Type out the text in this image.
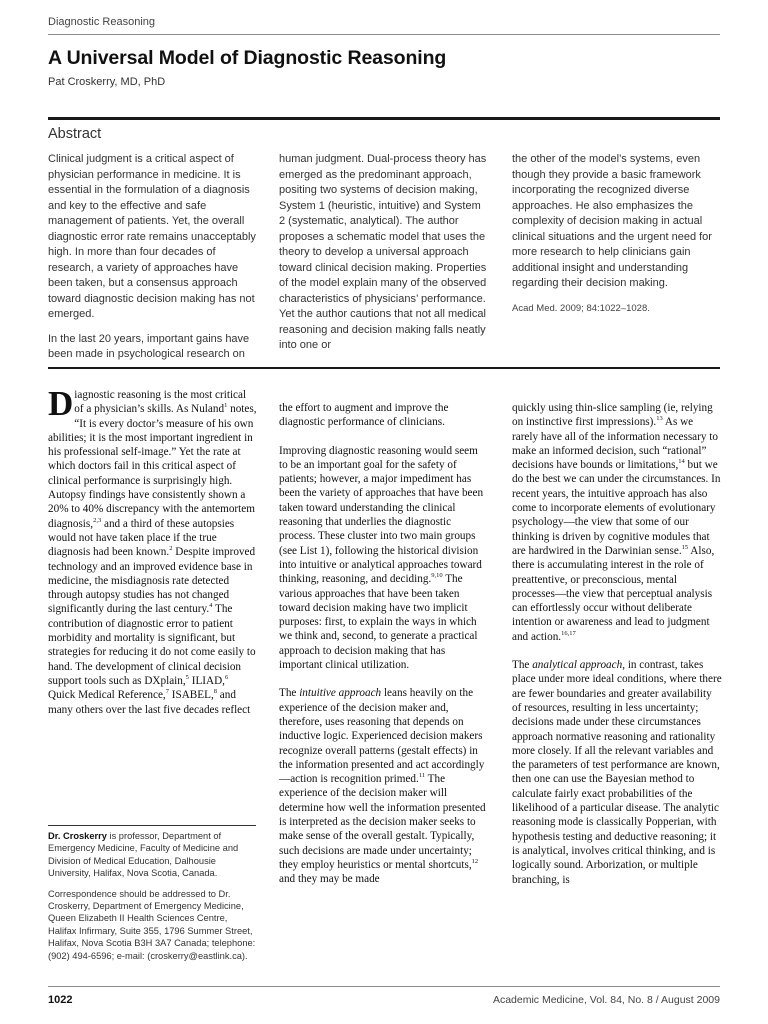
Diagnostic Reasoning
A Universal Model of Diagnostic Reasoning
Pat Croskerry, MD, PhD
Abstract

Clinical judgment is a critical aspect of physician performance in medicine. It is essential in the formulation of a diagnosis and key to the effective and safe management of patients. Yet, the overall diagnostic error rate remains unacceptably high. In more than four decades of research, a variety of approaches have been taken, but a consensus approach toward diagnostic decision making has not emerged.

In the last 20 years, important gains have been made in psychological research on

human judgment. Dual-process theory has emerged as the predominant approach, positing two systems of decision making, System 1 (heuristic, intuitive) and System 2 (systematic, analytical). The author proposes a schematic model that uses the theory to develop a universal approach toward clinical decision making. Properties of the model explain many of the observed characteristics of physicians’ performance. Yet the author cautions that not all medical reasoning and decision making falls neatly into one or

the other of the model’s systems, even though they provide a basic framework incorporating the recognized diverse approaches. He also emphasizes the complexity of decision making in actual clinical situations and the urgent need for more research to help clinicians gain additional insight and understanding regarding their decision making.

Acad Med. 2009; 84:1022–1028.

Diagnostic reasoning is the most critical of a physician’s skills. As Nuland$^1$ notes, “It is every doctor’s measure of his own abilities; it is the most important ingredient in his professional self-image.” Yet the rate at which doctors fail in this critical aspect of clinical performance is surprisingly high. Autopsy findings have consistently shown a 20% to 40% discrepancy with the antemortem diagnosis,$^{2,3}$ and a third of these autopsies would not have taken place if the true diagnosis had been known.$^2$ Despite improved technology and an improved evidence base in medicine, the misdiagnosis rate detected through autopsy studies has not changed significantly during the last century.$^4$ The contribution of diagnostic error to patient morbidity and mortality is significant, but strategies for reducing it do not come easily to hand. The development of clinical decision support tools such as DXplain,$^5$ ILIAD,$^6$ Quick Medical Reference,$^7$ ISABEL,$^8$ and many others over the last five decades reflect

the effort to augment and improve the diagnostic performance of clinicians.

Improving diagnostic reasoning would seem to be an important goal for the safety of patients; however, a major impediment has been the variety of approaches that have been taken toward understanding the clinical reasoning that underlies the diagnostic process. These cluster into two main groups (see List 1), following the historical division into intuitive or analytical approaches toward thinking, reasoning, and deciding.$^{9,10}$ The various approaches that have been taken toward decision making have two implicit purposes: first, to explain the ways in which we think and, second, to generate a practical approach to decision making that has important clinical utilization.

The intuitive approach leans heavily on the experience of the decision maker and, therefore, uses reasoning that depends on inductive logic. Experienced decision makers recognize overall patterns (gestalt effects) in the information presented and act accordingly—action is recognition primed.$^{11}$ The experience of the decision maker will determine how well the information presented is interpreted as the decision maker seeks to make sense of the overall gestalt. Typically, such decisions are made under uncertainty; they employ heuristics or mental shortcuts,$^{12}$ and they may be made

quickly using thin-slice sampling (ie, relying on instinctive first impressions).$^{13}$ As we rarely have all of the information necessary to make an informed decision, such “rational” decisions have bounds or limitations,$^{14}$ but we do the best we can under the circumstances. In recent years, the intuitive approach has also come to incorporate elements of evolutionary psychology—the view that some of our thinking is driven by cognitive modules that are hardwired in the Darwinian sense.$^{15}$ Also, there is accumulating interest in the role of preattentive, or preconscious, mental processes—the view that perceptual analysis can effortlessly occur without deliberate intention or awareness and lead to judgment and action.$^{16,17}$

The analytical approach, in contrast, takes place under more ideal conditions, where there are fewer boundaries and greater availability of resources, resulting in less uncertainty; decisions made under these circumstances approach normative reasoning and rationality more closely. If all the relevant variables and the parameters of test performance are known, then one can use the Bayesian method to calculate fairly exact probabilities of the likelihood of a particular disease. The analytic reasoning mode is classically Popperian, with hypothesis testing and deductive reasoning; it is analytical, involves critical thinking, and is logically sound. Arborization, or multiple branching, is

Dr. Croskerry is professor, Department of Emergency Medicine, Faculty of Medicine and Division of Medical Education, Dalhousie University, Halifax, Nova Scotia, Canada.

Correspondence should be addressed to Dr. Croskerry, Department of Emergency Medicine, Queen Elizabeth II Health Sciences Centre, Halifax Infirmary, Suite 355, 1796 Summer Street, Halifax, Nova Scotia B3H 3A7 Canada; telephone: (902) 494-6596; e-mail: (croskerry@eastlink.ca).

1022	Academic Medicine, Vol. 84, No. 8 / August 2009
